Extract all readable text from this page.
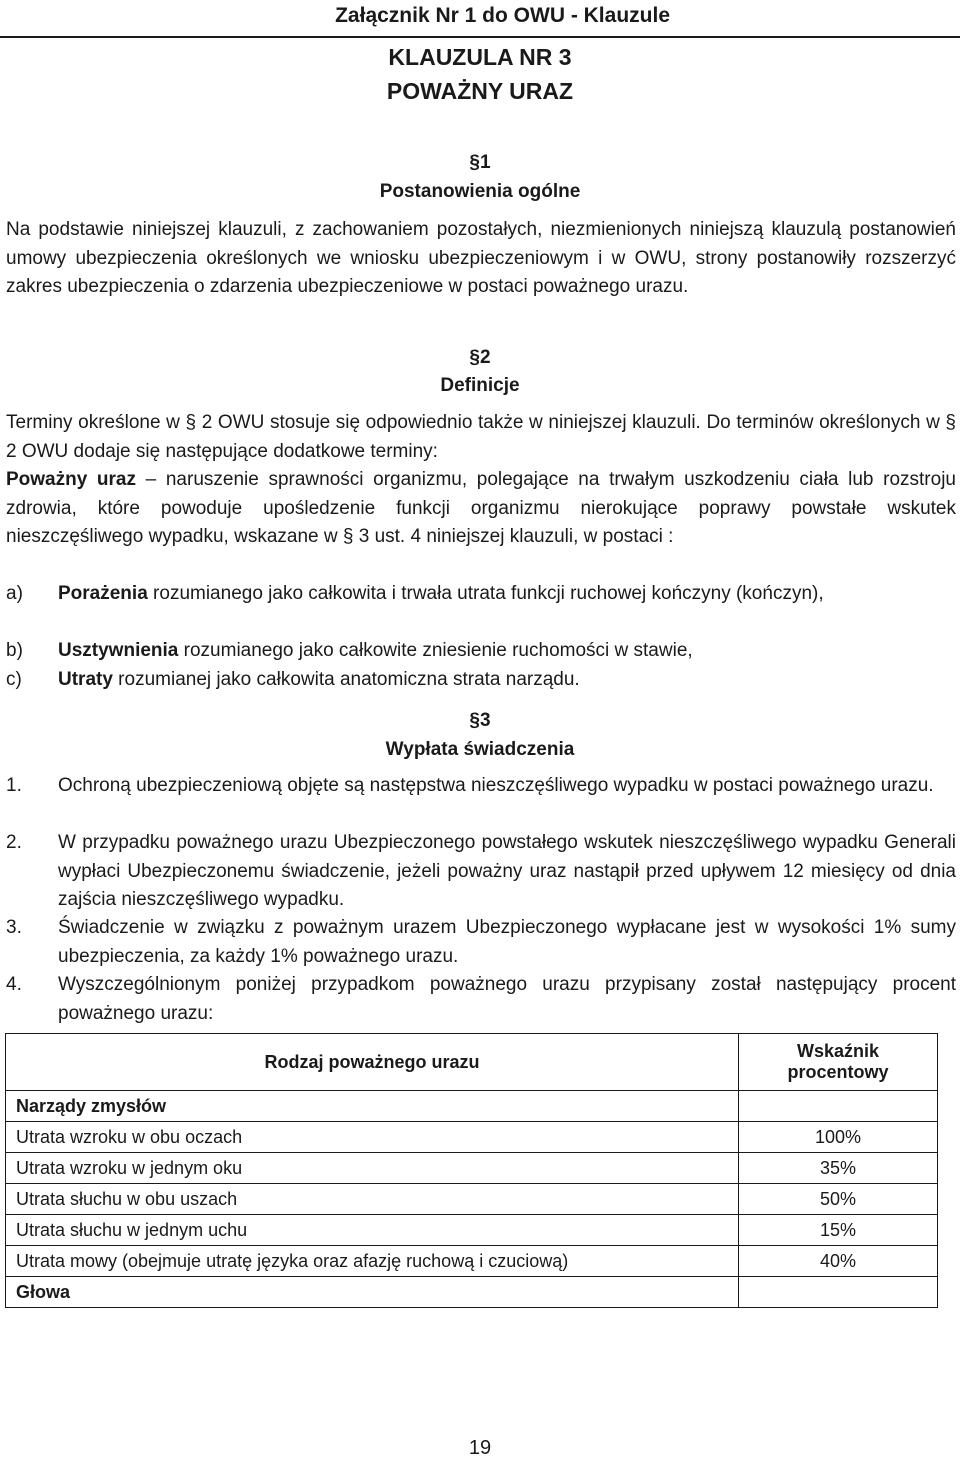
Załącznik Nr 1 do OWU - Klauzule
KLAUZULA NR 3
POWAŻNY URAZ
§1
Postanowienia ogólne

Na podstawie niniejszej klauzuli, z zachowaniem pozostałych, niezmienionych niniejszą klauzulą postanowień umowy ubezpieczenia określonych we wniosku ubezpieczeniowym i w OWU, strony postanowiły rozszerzyć zakres ubezpieczenia o zdarzenia ubezpieczeniowe w postaci poważnego urazu.

§2
Definicje

Terminy określone w § 2 OWU stosuje się odpowiednio także w niniejszej klauzuli. Do terminów określonych w § 2 OWU dodaje się następujące dodatkowe terminy:

Poważny uraz – naruszenie sprawności organizmu, polegające na trwałym uszkodzeniu ciała lub rozstroju zdrowia, które powoduje upośledzenie funkcji organizmu nierokujące poprawy powstałe wskutek nieszczęśliwego wypadku, wskazane w § 3 ust. 4 niniejszej klauzuli, w postaci :

a) Porażenia rozumianego jako całkowita i trwała utrata funkcji ruchowej kończyny (kończyn),
b) Usztywnienia rozumianego jako całkowite zniesienie ruchomości w stawie,
c) Utraty rozumianej jako całkowita anatomiczna strata narządu.
§3
Wypłata świadczenia
1. Ochroną ubezpieczeniową objęte są następstwa nieszczęśliwego wypadku w postaci poważnego urazu.
2. W przypadku poważnego urazu Ubezpieczonego powstałego wskutek nieszczęśliwego wypadku Generali wypłaci Ubezpieczonemu świadczenie, jeżeli poważny uraz nastąpił przed upływem 12 miesięcy od dnia zajścia nieszczęśliwego wypadku.
3. Świadczenie w związku z poważnym urazem Ubezpieczonego wypłacane jest w wysokości 1% sumy ubezpieczenia, za każdy 1% poważnego urazu.
4. Wyszczególnionym poniżej przypadkom poważnego urazu przypisany został następujący procent poważnego urazu:
Rodzaj poważnego urazu	Wskaźnik procentowy
Narządy zmysłów	
Utrata wzroku w obu oczach	100%
Utrata wzroku w jednym oku	35%
Utrata słuchu w obu uszach	50%
Utrata słuchu w jednym uchu	15%
Utrata mowy (obejmuje utratę języka oraz afazję ruchową i czuciową)	40%
Głowa	
19
